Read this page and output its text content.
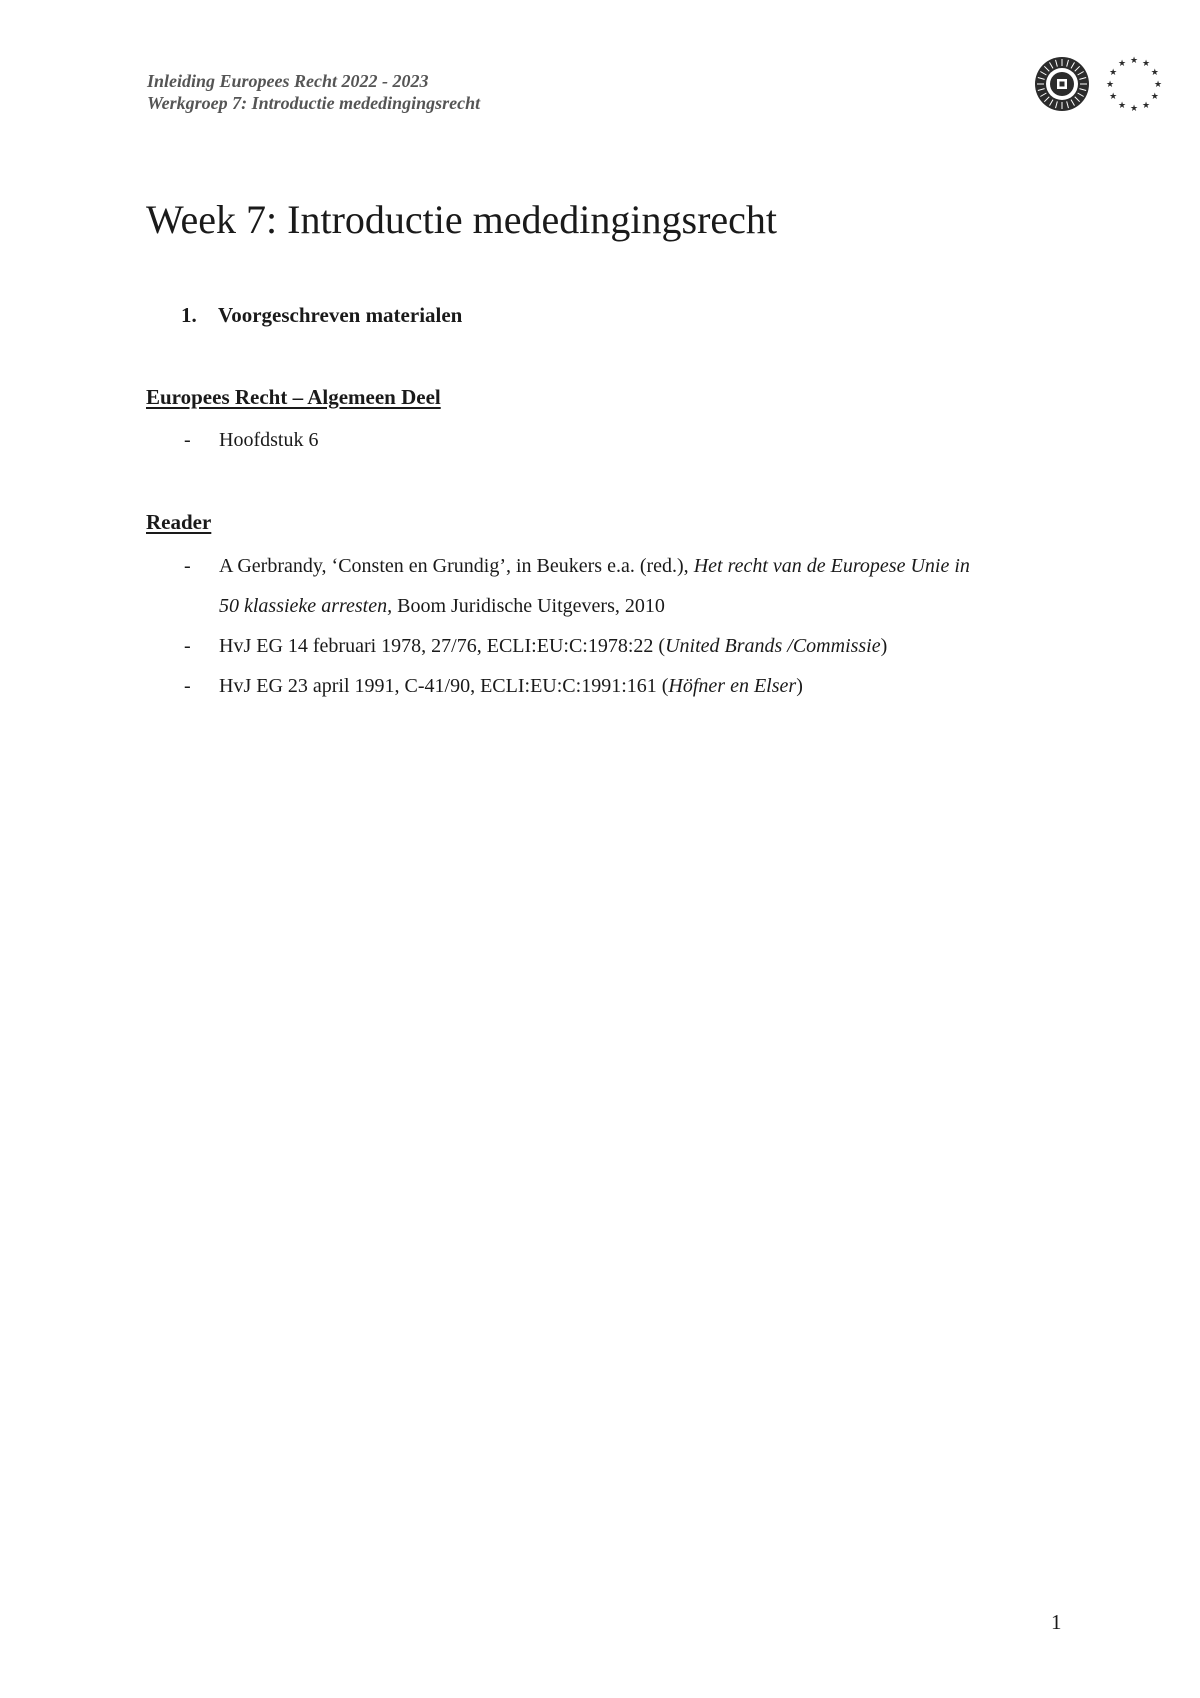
Inleiding Europees Recht 2022 - 2023
Werkgroep 7: Introductie mededingingsrecht
★ ★
★
★
★
★
★
★
★
★
★
★
Week 7: Introductie mededingingsrecht
1. Voorgeschreven materialen
Europees Recht – Algemeen Deel
- Hoofdstuk 6
Reader
- A Gerbrandy, ‘Consten en Grundig’, in Beukers e.a. (red.), Het recht van de Europese Unie in
50 klassieke arresten, Boom Juridische Uitgevers, 2010
- HvJ EG 14 februari 1978, 27/76, ECLI:EU:C:1978:22 (United Brands /Commissie)
- HvJ EG 23 april 1991, C-41/90, ECLI:EU:C:1991:161 (Höfner en Elser)
1
